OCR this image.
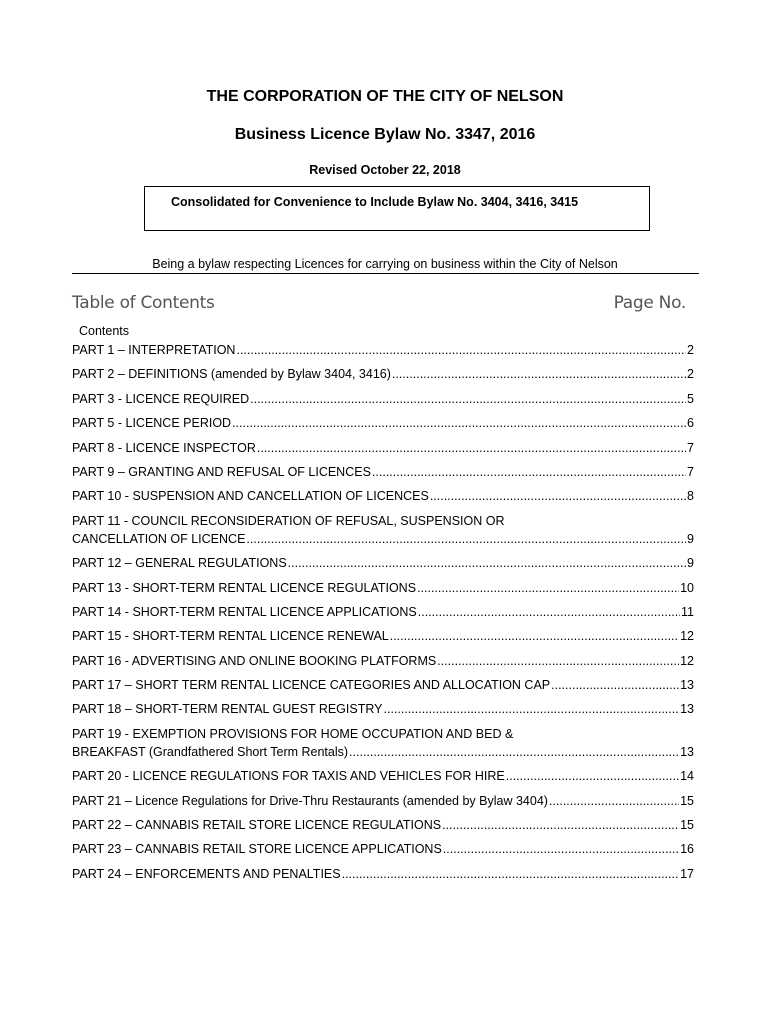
THE CORPORATION OF THE CITY OF NELSON
Business Licence Bylaw No. 3347, 2016
Revised October 22, 2018
Consolidated for Convenience to Include Bylaw No. 3404, 3416, 3415
Being a bylaw respecting Licences for carrying on business within the City of Nelson
Table of Contents	Page No.
Contents
PART 1 – INTERPRETATION .....	2
PART 2 – DEFINITIONS (amended by Bylaw 3404, 3416) .....	2
PART 3 - LICENCE REQUIRED .....	5
PART 5 - LICENCE PERIOD .....	6
PART 8 - LICENCE INSPECTOR .....	7
PART 9 – GRANTING AND REFUSAL OF LICENCES .....	7
PART 10 - SUSPENSION AND CANCELLATION OF LICENCES .....	8
PART 11 - COUNCIL RECONSIDERATION OF REFUSAL, SUSPENSION OR
CANCELLATION OF LICENCE .....	9
PART 12 – GENERAL REGULATIONS .....	9
PART 13 - SHORT-TERM RENTAL LICENCE REGULATIONS .....	10
PART 14 - SHORT-TERM RENTAL LICENCE APPLICATIONS .....	11
PART 15 - SHORT-TERM RENTAL LICENCE RENEWAL .....	12
PART 16 - ADVERTISING AND ONLINE BOOKING PLATFORMS .....	12
PART 17 – SHORT TERM RENTAL LICENCE CATEGORIES AND ALLOCATION CAP .....	13
PART 18 – SHORT-TERM RENTAL GUEST REGISTRY .....	13
PART 19 - EXEMPTION PROVISIONS FOR HOME OCCUPATION AND BED &
BREAKFAST (Grandfathered Short Term Rentals) .....	13
PART 20 - LICENCE REGULATIONS FOR TAXIS AND VEHICLES FOR HIRE .....	14
PART 21 – Licence Regulations for Drive-Thru Restaurants (amended by Bylaw 3404) .....	15
PART 22 – CANNABIS RETAIL STORE LICENCE REGULATIONS .....	15
PART 23 – CANNABIS RETAIL STORE LICENCE APPLICATIONS .....	16
PART 24 – ENFORCEMENTS AND PENALTIES .....	17
